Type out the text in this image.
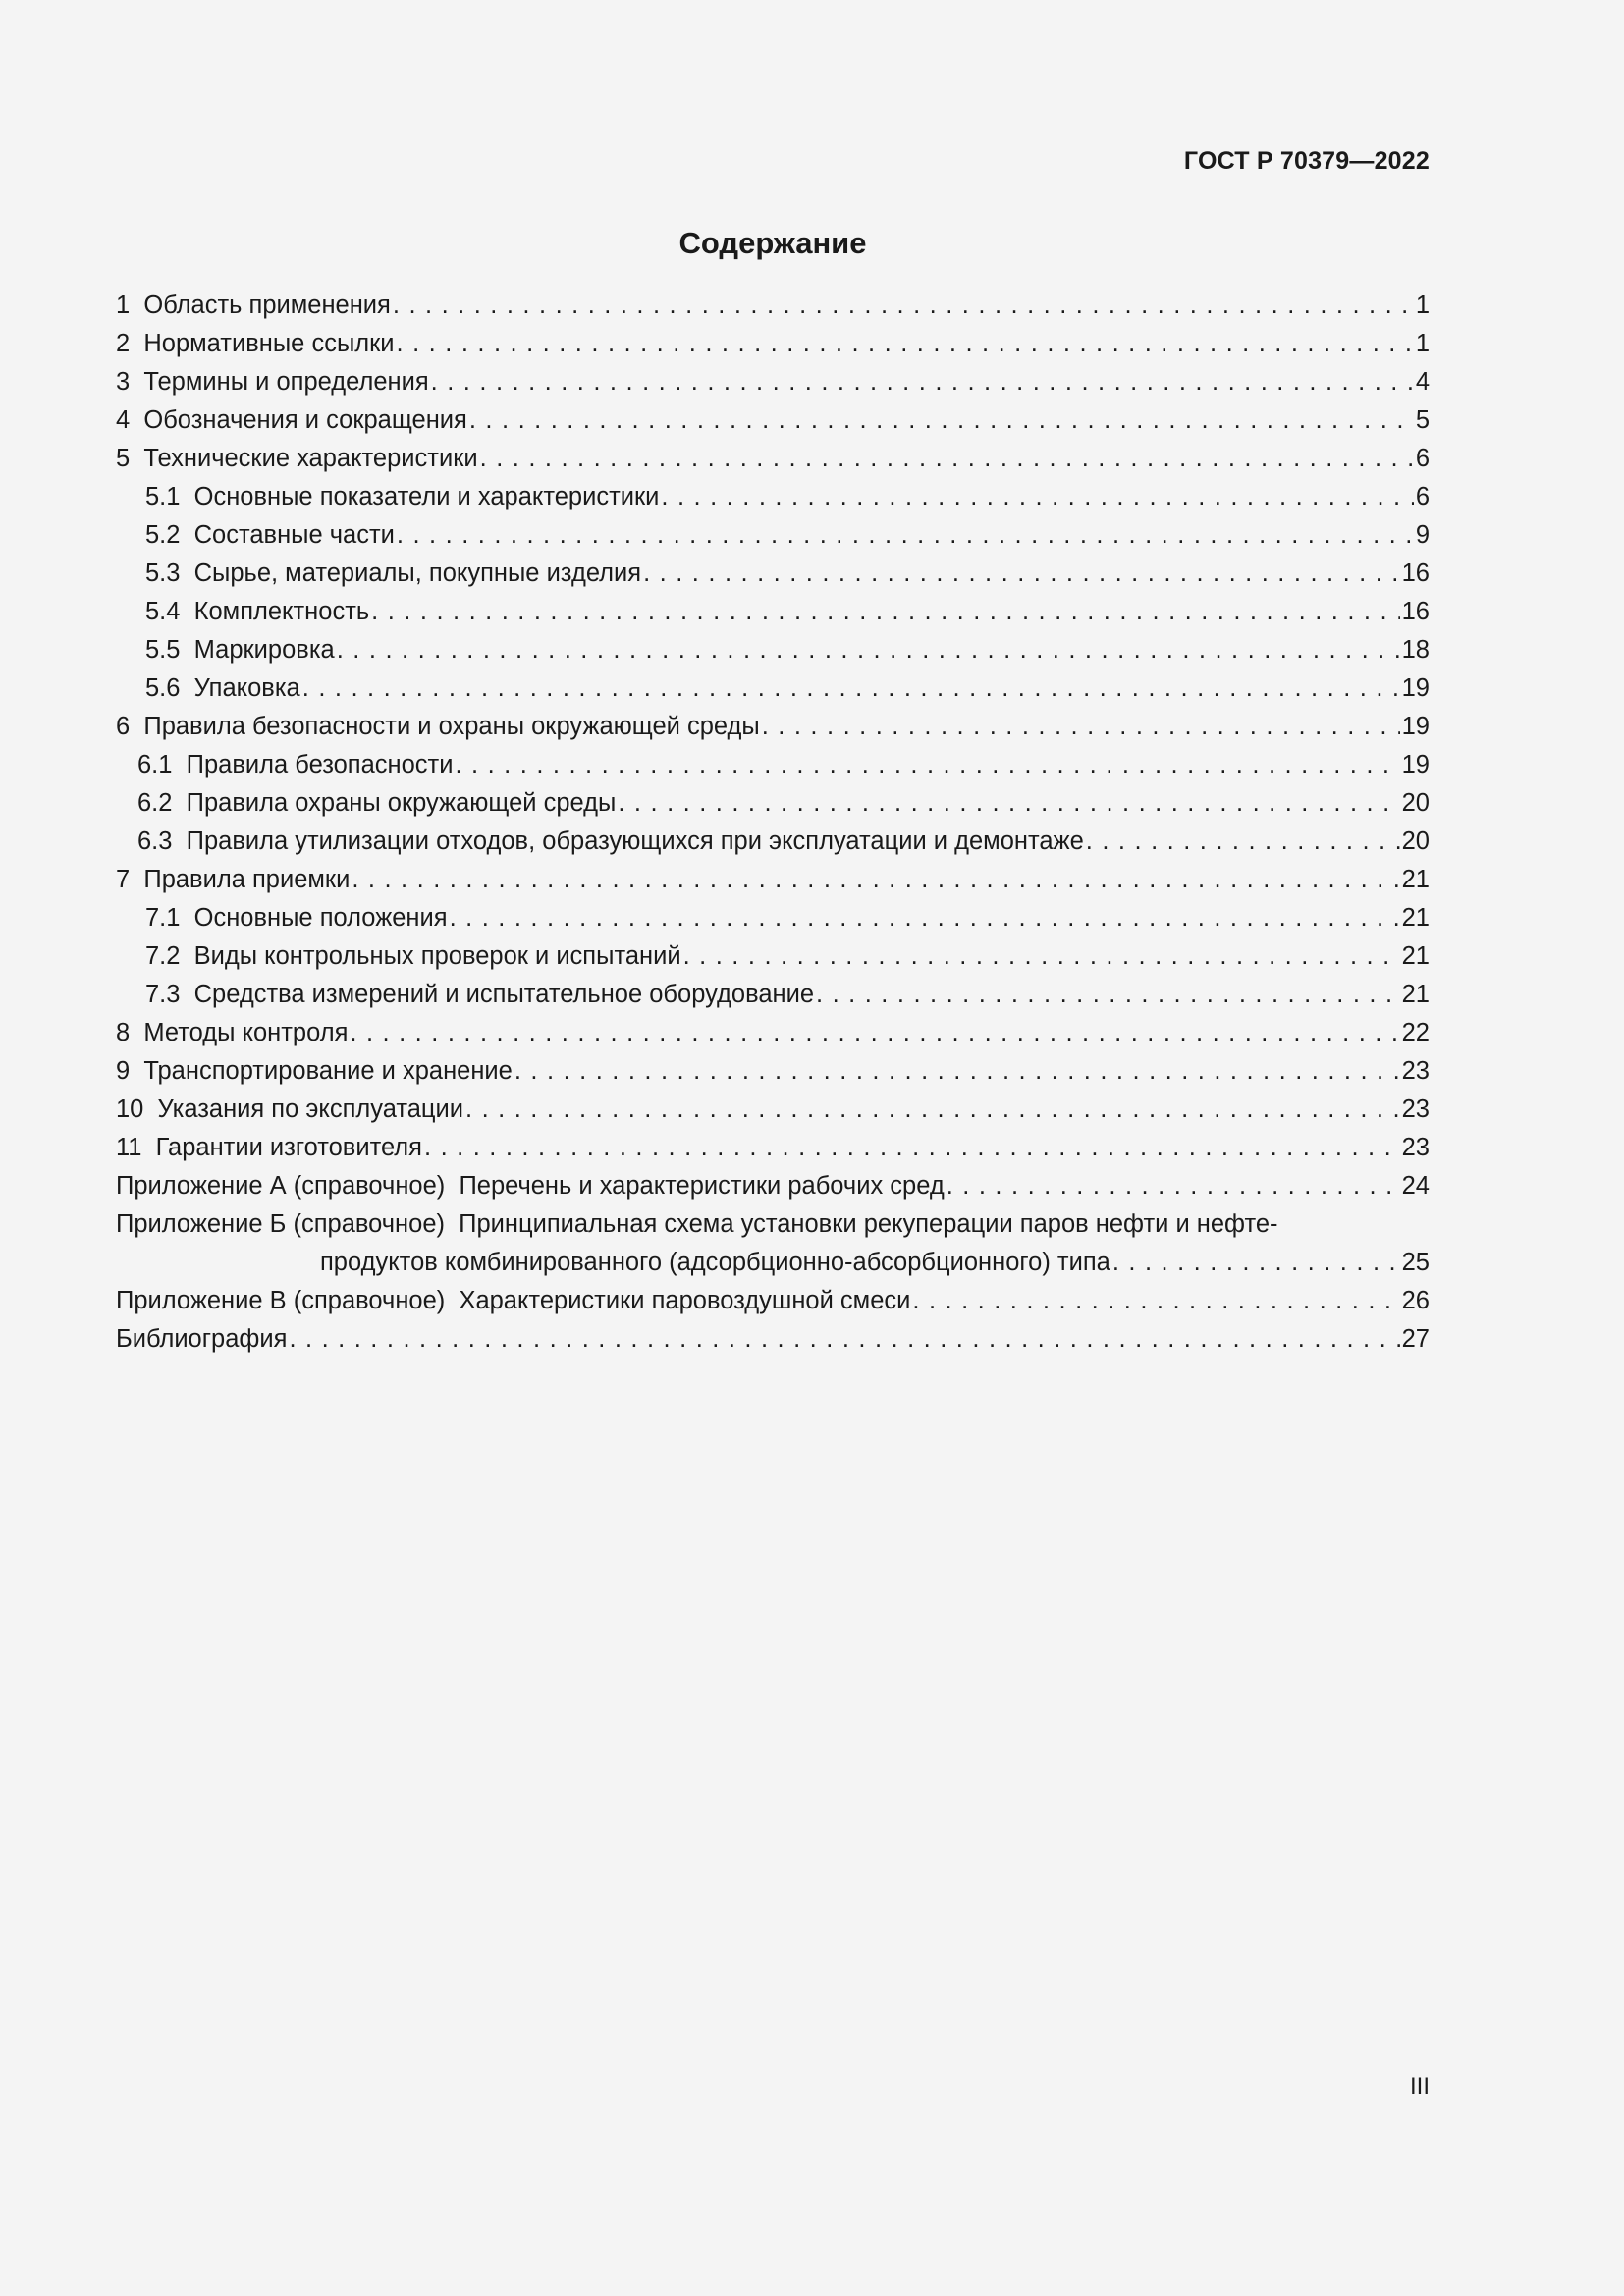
ГОСТ Р 70379—2022
Содержание
1 Область применения . . .	1
2 Нормативные ссылки . . .	1
3 Термины и определения . . .	4
4 Обозначения и сокращения . . .	5
5 Технические характеристики . . .	6
5.1 Основные показатели и характеристики . . .	6
5.2 Составные части . . .	9
5.3 Сырье, материалы, покупные изделия . . .	16
5.4 Комплектность . . .	16
5.5 Маркировка . . .	18
5.6 Упаковка . . .	19
6 Правила безопасности и охраны окружающей среды . . .	19
6.1 Правила безопасности . . .	19
6.2 Правила охраны окружающей среды . . .	20
6.3 Правила утилизации отходов, образующихся при эксплуатации и демонтаже . . .	20
7 Правила приемки . . .	21
7.1 Основные положения . . .	21
7.2 Виды контрольных проверок и испытаний . . .	21
7.3 Средства измерений и испытательное оборудование . . .	21
8 Методы контроля . . .	22
9 Транспортирование и хранение . . .	23
10 Указания по эксплуатации . . .	23
11 Гарантии изготовителя . . .	23
Приложение А (справочное) Перечень и характеристики рабочих сред . . .	24
Приложение Б (справочное) Принципиальная схема установки рекуперации паров нефти и нефте-
продуктов комбинированного (адсорбционно-абсорбционного) типа . . .	25
Приложение В (справочное) Характеристики паровоздушной смеси . . .	26
Библиография . . .	27
III
